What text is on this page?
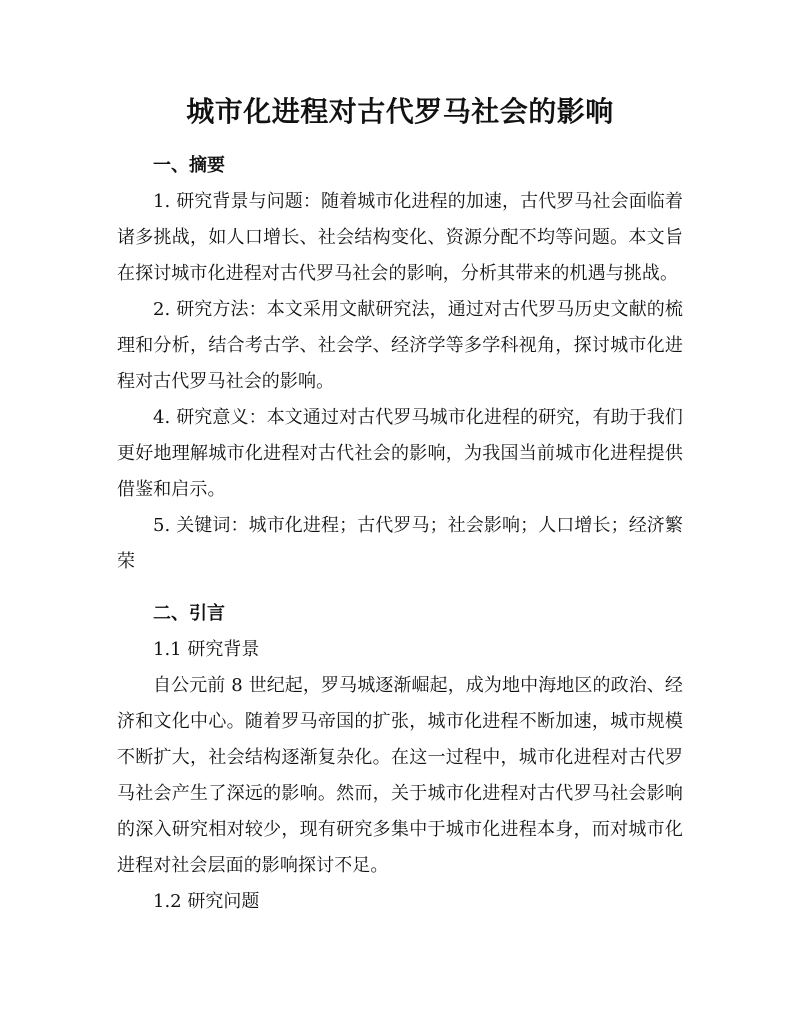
城市化进程对古代罗马社会的影响
一、摘要

1. 研究背景与问题：随着城市化进程的加速，古代罗马社会面临着诸多挑战，如人口增长、社会结构变化、资源分配不均等问题。本文旨在探讨城市化进程对古代罗马社会的影响，分析其带来的机遇与挑战。

2. 研究方法：本文采用文献研究法，通过对古代罗马历史文献的梳理和分析，结合考古学、社会学、经济学等多学科视角，探讨城市化进程对古代罗马社会的影响。

4. 研究意义：本文通过对古代罗马城市化进程的研究，有助于我们更好地理解城市化进程对古代社会的影响，为我国当前城市化进程提供借鉴和启示。

5. 关键词：城市化进程；古代罗马；社会影响；人口增长；经济繁荣

二、引言

1.1 研究背景

自公元前 8 世纪起，罗马城逐渐崛起，成为地中海地区的政治、经济和文化中心。随着罗马帝国的扩张，城市化进程不断加速，城市规模不断扩大，社会结构逐渐复杂化。在这一过程中，城市化进程对古代罗马社会产生了深远的影响。然而，关于城市化进程对古代罗马社会影响的深入研究相对较少，现有研究多集中于城市化进程本身，而对城市化进程对社会层面的影响探讨不足。

1.2 研究问题
